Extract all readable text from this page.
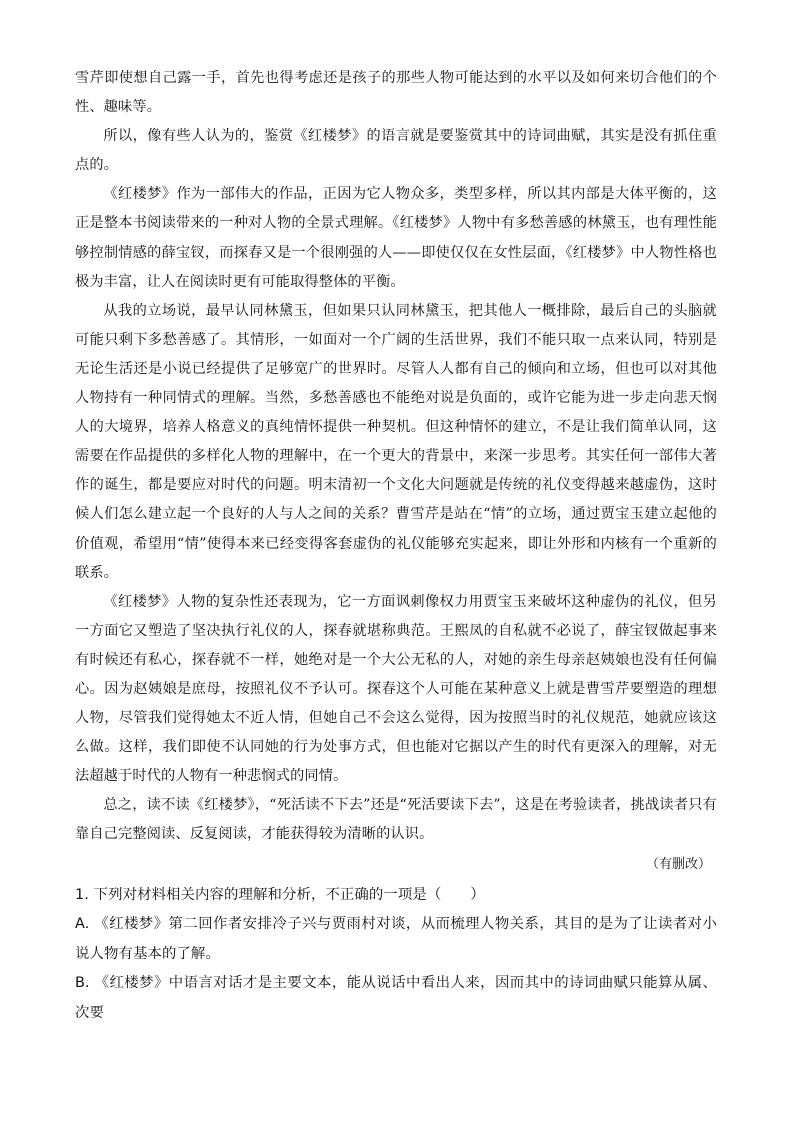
雪芹即使想自己露一手，首先也得考虑还是孩子的那些人物可能达到的水平以及如何来切合他们的个性、趣味等。

所以，像有些人认为的，鉴赏《红楼梦》的语言就是要鉴赏其中的诗词曲赋，其实是没有抓住重点的。

《红楼梦》作为一部伟大的作品，正因为它人物众多，类型多样，所以其内部是大体平衡的，这正是整本书阅读带来的一种对人物的全景式理解。《红楼梦》人物中有多愁善感的林黛玉，也有理性能够控制情感的薛宝钗，而探春又是一个很刚强的人——即使仅仅在女性层面，《红楼梦》中人物性格也极为丰富，让人在阅读时更有可能取得整体的平衡。

从我的立场说，最早认同林黛玉，但如果只认同林黛玉，把其他人一概排除，最后自己的头脑就可能只剩下多愁善感了。其情形，一如面对一个广阔的生活世界，我们不能只取一点来认同，特别是无论生活还是小说已经提供了足够宽广的世界时。尽管人人都有自己的倾向和立场，但也可以对其他人物持有一种同情式的理解。当然，多愁善感也不能绝对说是负面的，或许它能为进一步走向悲天悯人的大境界，培养人格意义的真纯情怀提供一种契机。但这种情怀的建立，不是让我们简单认同，这需要在作品提供的多样化人物的理解中，在一个更大的背景中，来深一步思考。其实任何一部伟大著作的诞生，都是要应对时代的问题。明末清初一个文化大问题就是传统的礼仪变得越来越虚伪，这时候人们怎么建立起一个良好的人与人之间的关系？曹雪芹是站在“情”的立场，通过贾宝玉建立起他的价值观，希望用“情”使得本来已经变得客套虚伪的礼仪能够充实起来，即让外形和内核有一个重新的联系。

《红楼梦》人物的复杂性还表现为，它一方面讽刺像权力用贾宝玉来破坏这种虚伪的礼仪，但另一方面它又塑造了坚决执行礼仪的人，探春就堪称典范。王熙凤的自私就不必说了，薛宝钗做起事来有时候还有私心，探春就不一样，她绝对是一个大公无私的人，对她的亲生母亲赵姨娘也没有任何偏心。因为赵姨娘是庶母，按照礼仪不予认可。探春这个人可能在某种意义上就是曹雪芹要塑造的理想人物，尽管我们觉得她太不近人情，但她自己不会这么觉得，因为按照当时的礼仪规范，她就应该这么做。这样，我们即使不认同她的行为处事方式，但也能对它据以产生的时代有更深入的理解，对无法超越于时代的人物有一种悲悯式的同情。

总之，读不读《红楼梦》，“死活读不下去”还是“死活要读下去”，这是在考验读者，挑战读者只有靠自己完整阅读、反复阅读，才能获得较为清晰的认识。

（有删改）

1. 下列对材料相关内容的理解和分析，不正确的一项是（　　）

A. 《红楼梦》第二回作者安排冷子兴与贾雨村对谈，从而梳理人物关系，其目的是为了让读者对小说人物有基本的了解。

B. 《红楼梦》中语言对话才是主要文本，能从说话中看出人来，因而其中的诗词曲赋只能算从属、次要
